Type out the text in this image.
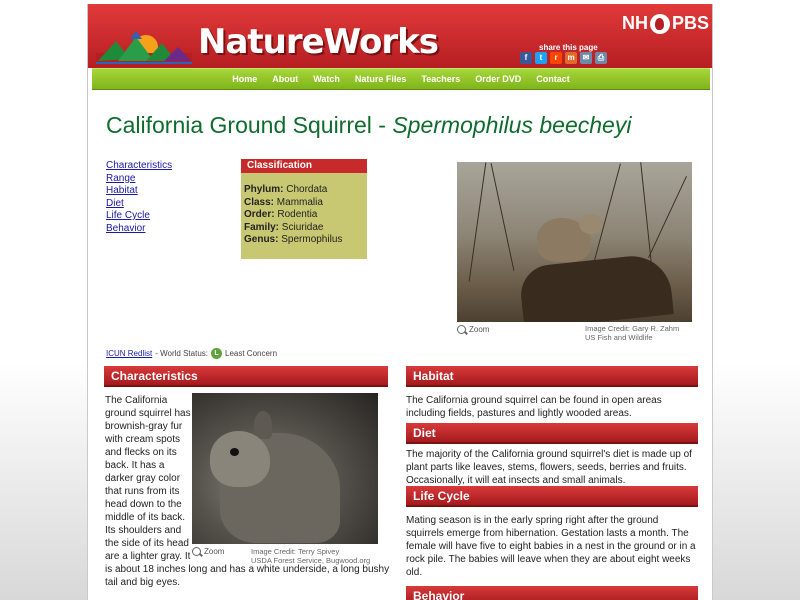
NatureWorks	NH PBS
share this page
f	t	r	m	✉	⎙
Home About Watch Nature Files Teachers Order DVD Contact
California Ground Squirrel - Spermophilus beecheyi
Characteristics
Range
Habitat
Diet
Life Cycle
Behavior
Classification
Phylum: Chordata
Class: Mammalia
Order: Rodentia
Family: Sciuridae
Genus: Spermophilus
Zoom	Image Credit: Gary R. Zahm
US Fish and Wildlife
ICUN Redlist - World Status: L Least Concern
Characteristics
The California ground squirrel has brownish-gray fur with cream spots and flecks on its back. It has a darker gray color that runs from its head down to the middle of its back. Its shoulders and the side of its head are a lighter gray. It is about 18 inches long and has a white underside, a long bushy tail and big eyes.
Zoom	Image Credit: Terry Spivey
USDA Forest Service, Bugwood.org
Habitat
The California ground squirrel can be found in open areas including fields, pastures and lightly wooded areas.
Diet
The majority of the California ground squirrel's diet is made up of plant parts like leaves, stems, flowers, seeds, berries and fruits. Occasionally, it will eat insects and small animals.
Life Cycle
Mating season is in the early spring right after the ground squirrels emerge from hibernation. Gestation lasts a month. The female will have five to eight babies in a nest in the ground or in a rock pile. The babies will leave when they are about eight weeks old.
Behavior
